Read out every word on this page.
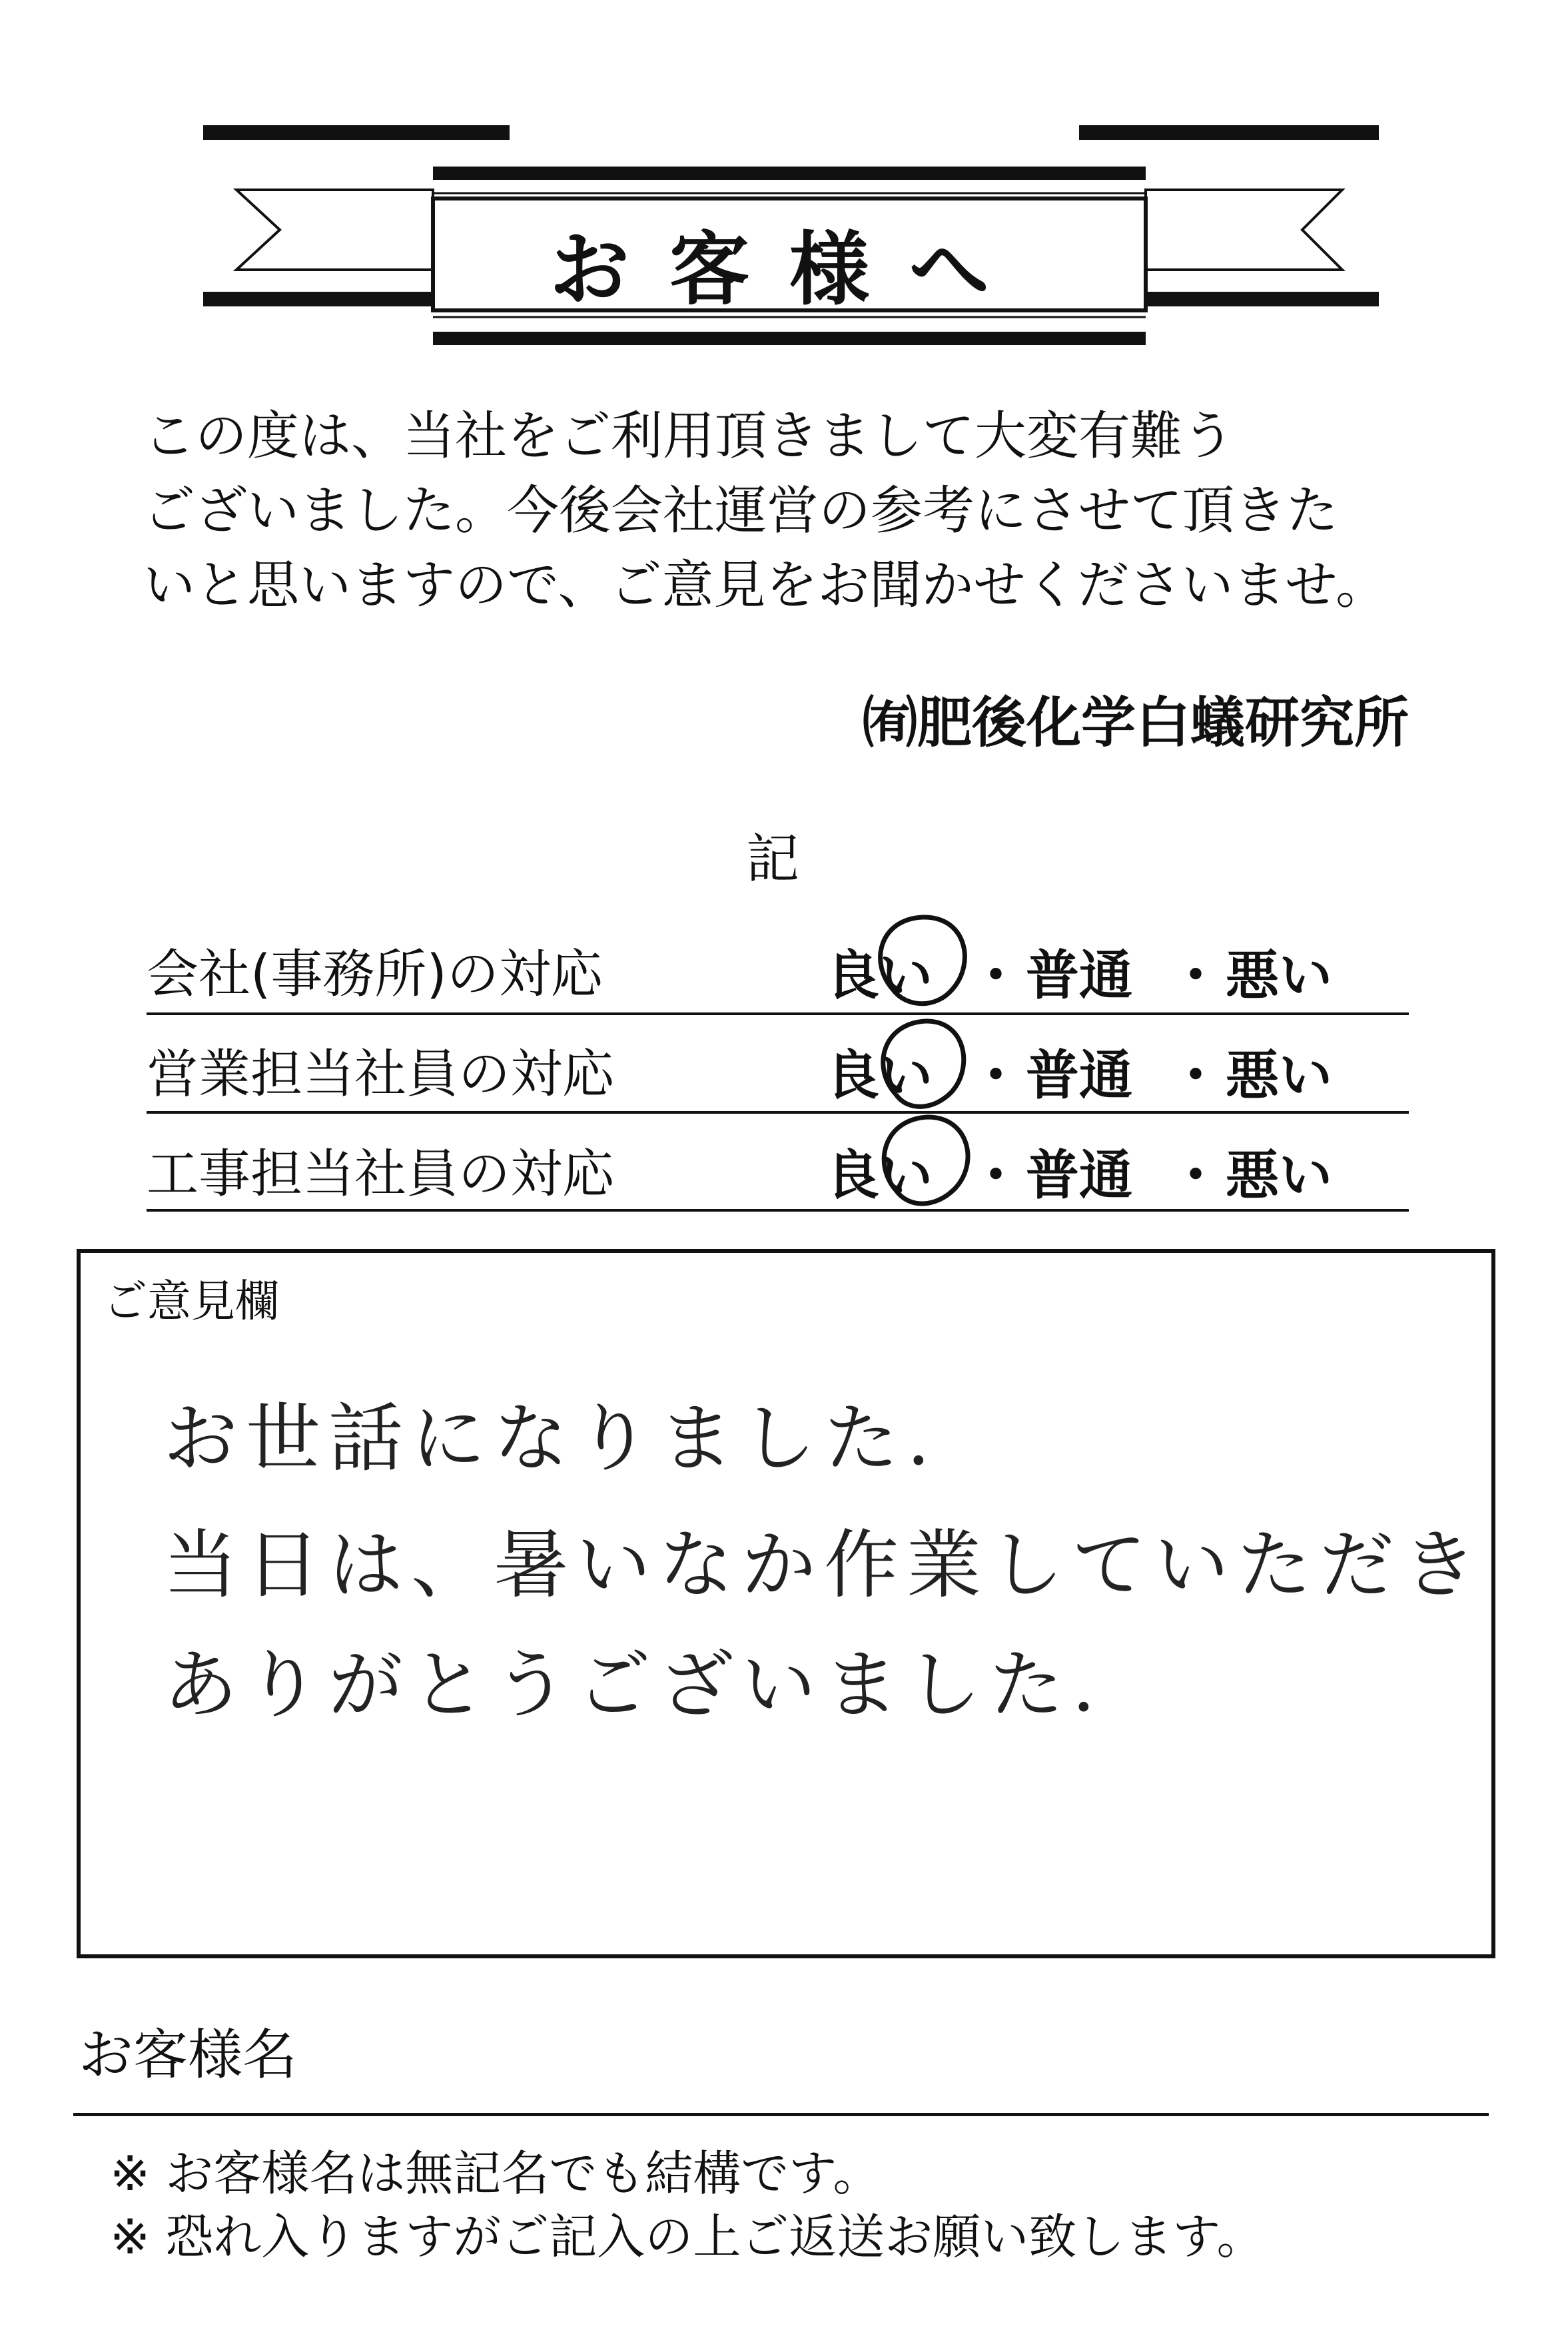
お客様へ
この度は、当社をご利用頂きまして大変有難う
ございました。今後会社運営の参考にさせて頂きた
いと思いますので、ご意見をお聞かせくださいませ。
㈲肥後化学白蟻研究所
記
会社(事務所)の対応	良い ・ 普通 ・ 悪い
営業担当社員の対応	良い ・ 普通 ・ 悪い
工事担当社員の対応	良い ・ 普通 ・ 悪い
ご意見欄
お世話になりました.
当日は、暑いなか作業していただき
ありがとうございました.
お客様名
※ お客様名は無記名でも結構です。
※ 恐れ入りますがご記入の上ご返送お願い致します。
